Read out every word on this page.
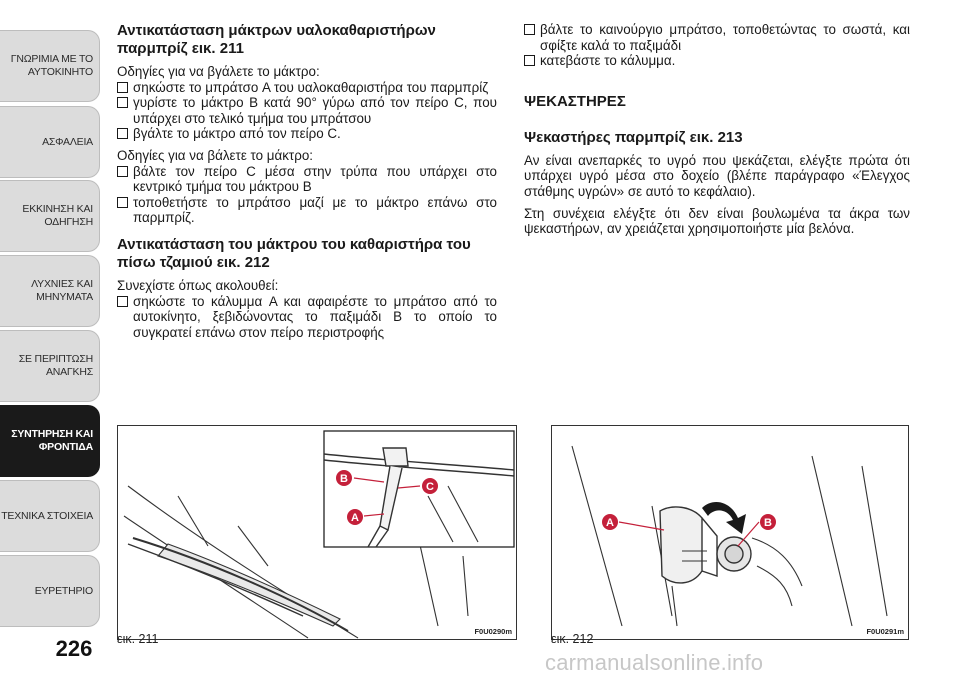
ΓΝΩΡΙΜΙΑ ΜΕ ΤΟ
ΑΥΤΟΚΙΝΗΤΟ
ΑΣΦΑΛΕΙΑ
ΕΚΚΙΝΗΣΗ ΚΑΙ
ΟΔΗΓΗΣΗ
ΛΥΧΝΙΕΣ ΚΑΙ
ΜΗΝΥΜΑΤΑ
ΣΕ ΠΕΡΙΠΤΩΣΗ
ΑΝΑΓΚΗΣ
ΣΥΝΤΗΡΗΣΗ ΚΑΙ
ΦΡΟΝΤΙΔΑ
ΤΕΧΝΙΚΑ ΣΤΟΙΧΕΙΑ
ΕΥΡΕΤΗΡΙΟ
226
Αντικατάσταση μάκτρων υαλοκαθαριστήρων παρμπρίζ εικ. 211
Οδηγίες για να βγάλετε το μάκτρο:
σηκώστε το μπράτσο A του υαλοκαθαριστήρα του παρμπρίζ
γυρίστε το μάκτρο B κατά 90° γύρω από τον πείρο C, που υπάρχει στο τελικό τμήμα του μπράτσου
βγάλτε το μάκτρο από τον πείρο C.
Οδηγίες για να βάλετε το μάκτρο:
βάλτε τον πείρο C μέσα στην τρύπα που υπάρχει στο κεντρικό τμήμα του μάκτρου B
τοποθετήστε το μπράτσο μαζί με το μάκτρο επάνω στο παρμπρίζ.
Αντικατάσταση του μάκτρου του καθαριστήρα του πίσω τζαμιού εικ. 212
Συνεχίστε όπως ακολουθεί:
σηκώστε το κάλυμμα A και αφαιρέστε το μπράτσο από το αυτοκίνητο, ξεβιδώνοντας το παξιμάδι B το οποίο το συγκρατεί επάνω στον πείρο περιστροφής
βάλτε το καινούργιο μπράτσο, τοποθετώντας το σωστά, και σφίξτε καλά το παξιμάδι
κατεβάστε το κάλυμμα.
ΨΕΚΑΣΤΗΡΕΣ
Ψεκαστήρες παρμπρίζ εικ. 213
Αν είναι ανεπαρκές το υγρό που ψεκάζεται, ελέγξτε πρώτα ότι υπάρχει υγρό μέσα στο δοχείο (βλέπε παράγραφο «Έλεγχος στάθμης υγρών» σε αυτό το κεφάλαιο).
Στη συνέχεια ελέγξτε ότι δεν είναι βουλωμένα τα άκρα των ψεκαστήρων, αν χρειάζεται χρησιμοποιήστε μία βελόνα.
B
C
A
F0U0290m
εικ. 211
A	B
F0U0291m
εικ. 212
carmanualsonline.info
